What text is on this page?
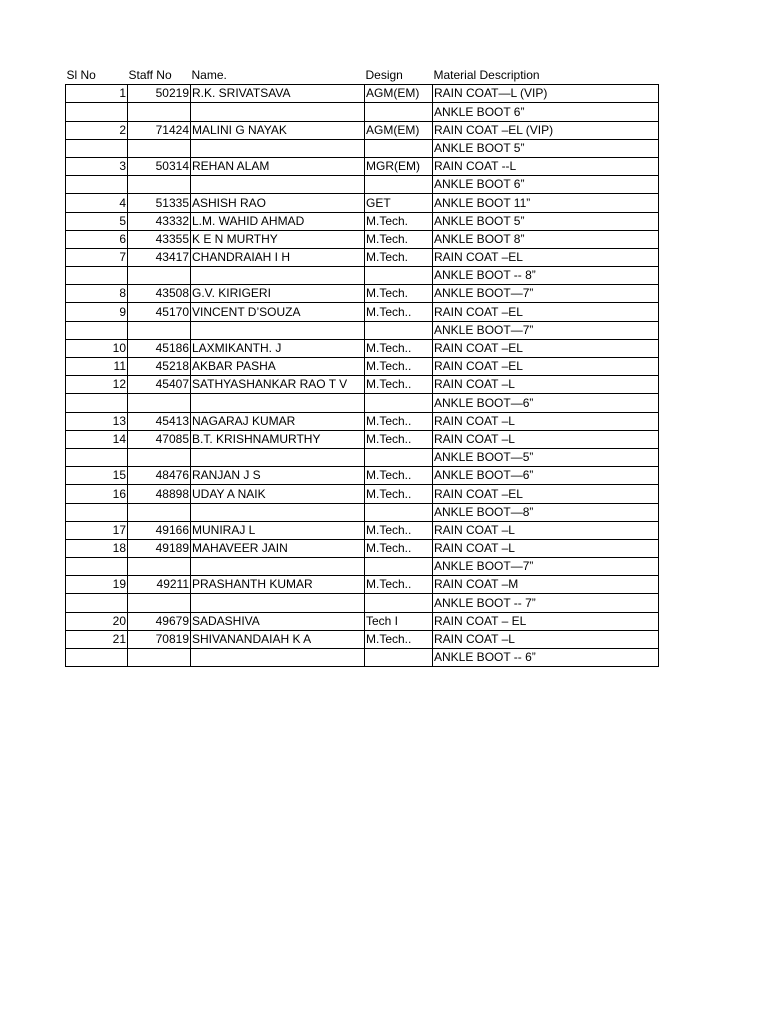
Sl No	Staff No	Name.	Design	Material Description
1	50219	R.K. SRIVATSAVA	AGM(EM)	RAIN COAT—L (VIP)
				ANKLE BOOT 6”
2	71424	MALINI G NAYAK	AGM(EM)	RAIN COAT –EL (VIP)
				ANKLE BOOT 5”
3	50314	REHAN ALAM	MGR(EM)	RAIN COAT --L
				ANKLE BOOT 6”
4	51335	ASHISH RAO	GET	ANKLE BOOT 11”
5	43332	L.M. WAHID AHMAD	M.Tech.	ANKLE BOOT 5”
6	43355	K E N MURTHY	M.Tech.	ANKLE BOOT 8”
7	43417	CHANDRAIAH I H	M.Tech.	RAIN COAT –EL
				ANKLE BOOT -- 8”
8	43508	G.V. KIRIGERI	M.Tech.	ANKLE BOOT—7”
9	45170	VINCENT D’SOUZA	M.Tech..	RAIN COAT –EL
				ANKLE BOOT—7”
10	45186	LAXMIKANTH. J	M.Tech..	RAIN COAT –EL
11	45218	AKBAR PASHA	M.Tech..	RAIN COAT –EL
12	45407	SATHYASHANKAR RAO T V	M.Tech..	RAIN COAT –L
				ANKLE BOOT—6”
13	45413	NAGARAJ KUMAR	M.Tech..	RAIN COAT –L
14	47085	B.T. KRISHNAMURTHY	M.Tech..	RAIN COAT –L
				ANKLE BOOT—5”
15	48476	RANJAN J S	M.Tech..	ANKLE BOOT—6”
16	48898	UDAY A NAIK	M.Tech..	RAIN COAT –EL
				ANKLE BOOT—8”
17	49166	MUNIRAJ L	M.Tech..	RAIN COAT –L
18	49189	MAHAVEER JAIN	M.Tech..	RAIN COAT –L
				ANKLE BOOT—7”
19	49211	PRASHANTH KUMAR	M.Tech..	RAIN COAT –M
				ANKLE BOOT -- 7”
20	49679	SADASHIVA	Tech I	RAIN COAT – EL
21	70819	SHIVANANDAIAH K A	M.Tech..	RAIN COAT –L
				ANKLE BOOT -- 6”
